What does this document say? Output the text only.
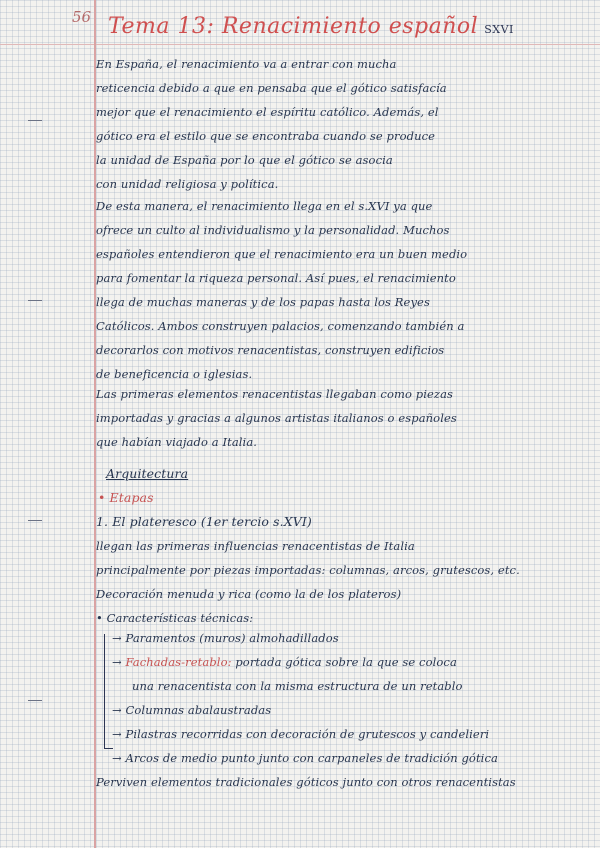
56 Tema 13: Renacimiento español SXVI
En España, el renacimiento va a entrar con mucha
reticencia debido a que en pensaba que el gótico satisfacía
mejor que el renacimiento el espíritu católico. Además, el
gótico era el estilo que se encontraba cuando se produce
la unidad de España por lo que el gótico se asocia
con unidad religiosa y política.
De esta manera, el renacimiento llega en el s.XVI ya que
ofrece un culto al individualismo y la personalidad. Muchos
españoles entendieron que el renacimiento era un buen medio
para fomentar la riqueza personal. Así pues, el renacimiento
llega de muchas maneras y de los papas hasta los Reyes
Católicos. Ambos construyen palacios, comenzando también a
decorarlos con motivos renacentistas, construyen edificios
de beneficencia o iglesias.
Las primeras elementos renacentistas llegaban como piezas
importadas y gracias a algunos artistas italianos o españoles
que habían viajado a Italia.
Arquitectura
• Etapas
1. El plateresco (1er tercio s.XVI)
llegan las primeras influencias renacentistas de Italia
principalmente por piezas importadas: columnas, arcos, grutescos, etc.
Decoración menuda y rica (como la de los plateros)
• Características técnicas:
→ Paramentos (muros) almohadillados
→ Fachadas-retablo: portada gótica sobre la que se coloca
una renacentista con la misma estructura de un retablo
→ Columnas abalaustradas
→ Pilastras recorridas con decoración de grutescos y candelieri
→ Arcos de medio punto junto con carpaneles de tradición gótica
Perviven elementos tradicionales góticos junto con otros renacentistas
